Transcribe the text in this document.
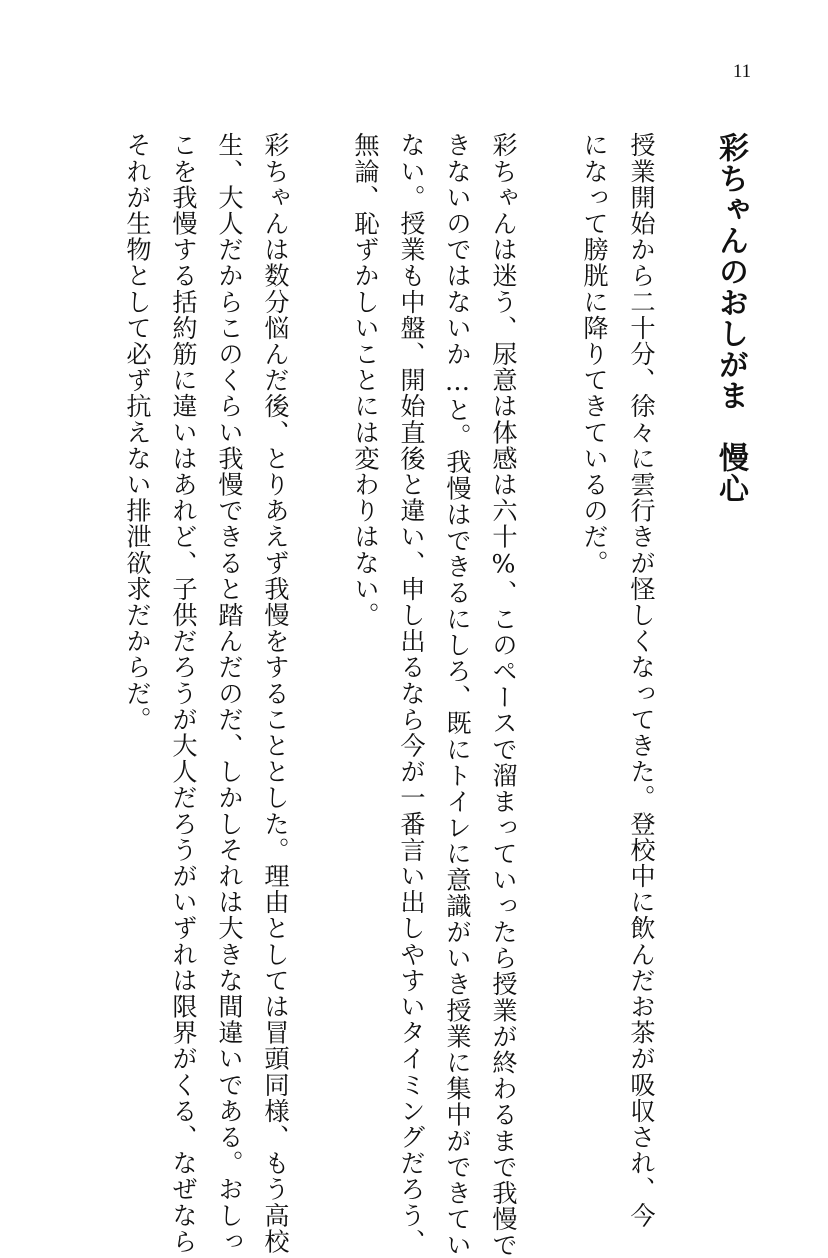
11
彩ちゃんのおしがま　慢心
授業開始から二十分、徐々に雲行きが怪しくなってきた。登校中に飲んだお茶が吸収され、今
になって膀胱に降りてきているのだ。
彩ちゃんは迷う、尿意は体感は六十%、このペースで溜まっていったら授業が終わるまで我慢で
きないのではないか…と。我慢はできるにしろ、既にトイレに意識がいき授業に集中ができてい
ない。授業も中盤、開始直後と違い、申し出るなら今が一番言い出しやすいタイミングだろう、
無論、恥ずかしいことには変わりはない。
彩ちゃんは数分悩んだ後、とりあえず我慢をすることとした。理由としては冒頭同様、もう高校
生、大人だからこのくらい我慢できると踏んだのだ、しかしそれは大きな間違いである。おしっ
こを我慢する括約筋に違いはあれど、子供だろうが大人だろうがいずれは限界がくる、なぜなら
それが生物として必ず抗えない排泄欲求だからだ。
